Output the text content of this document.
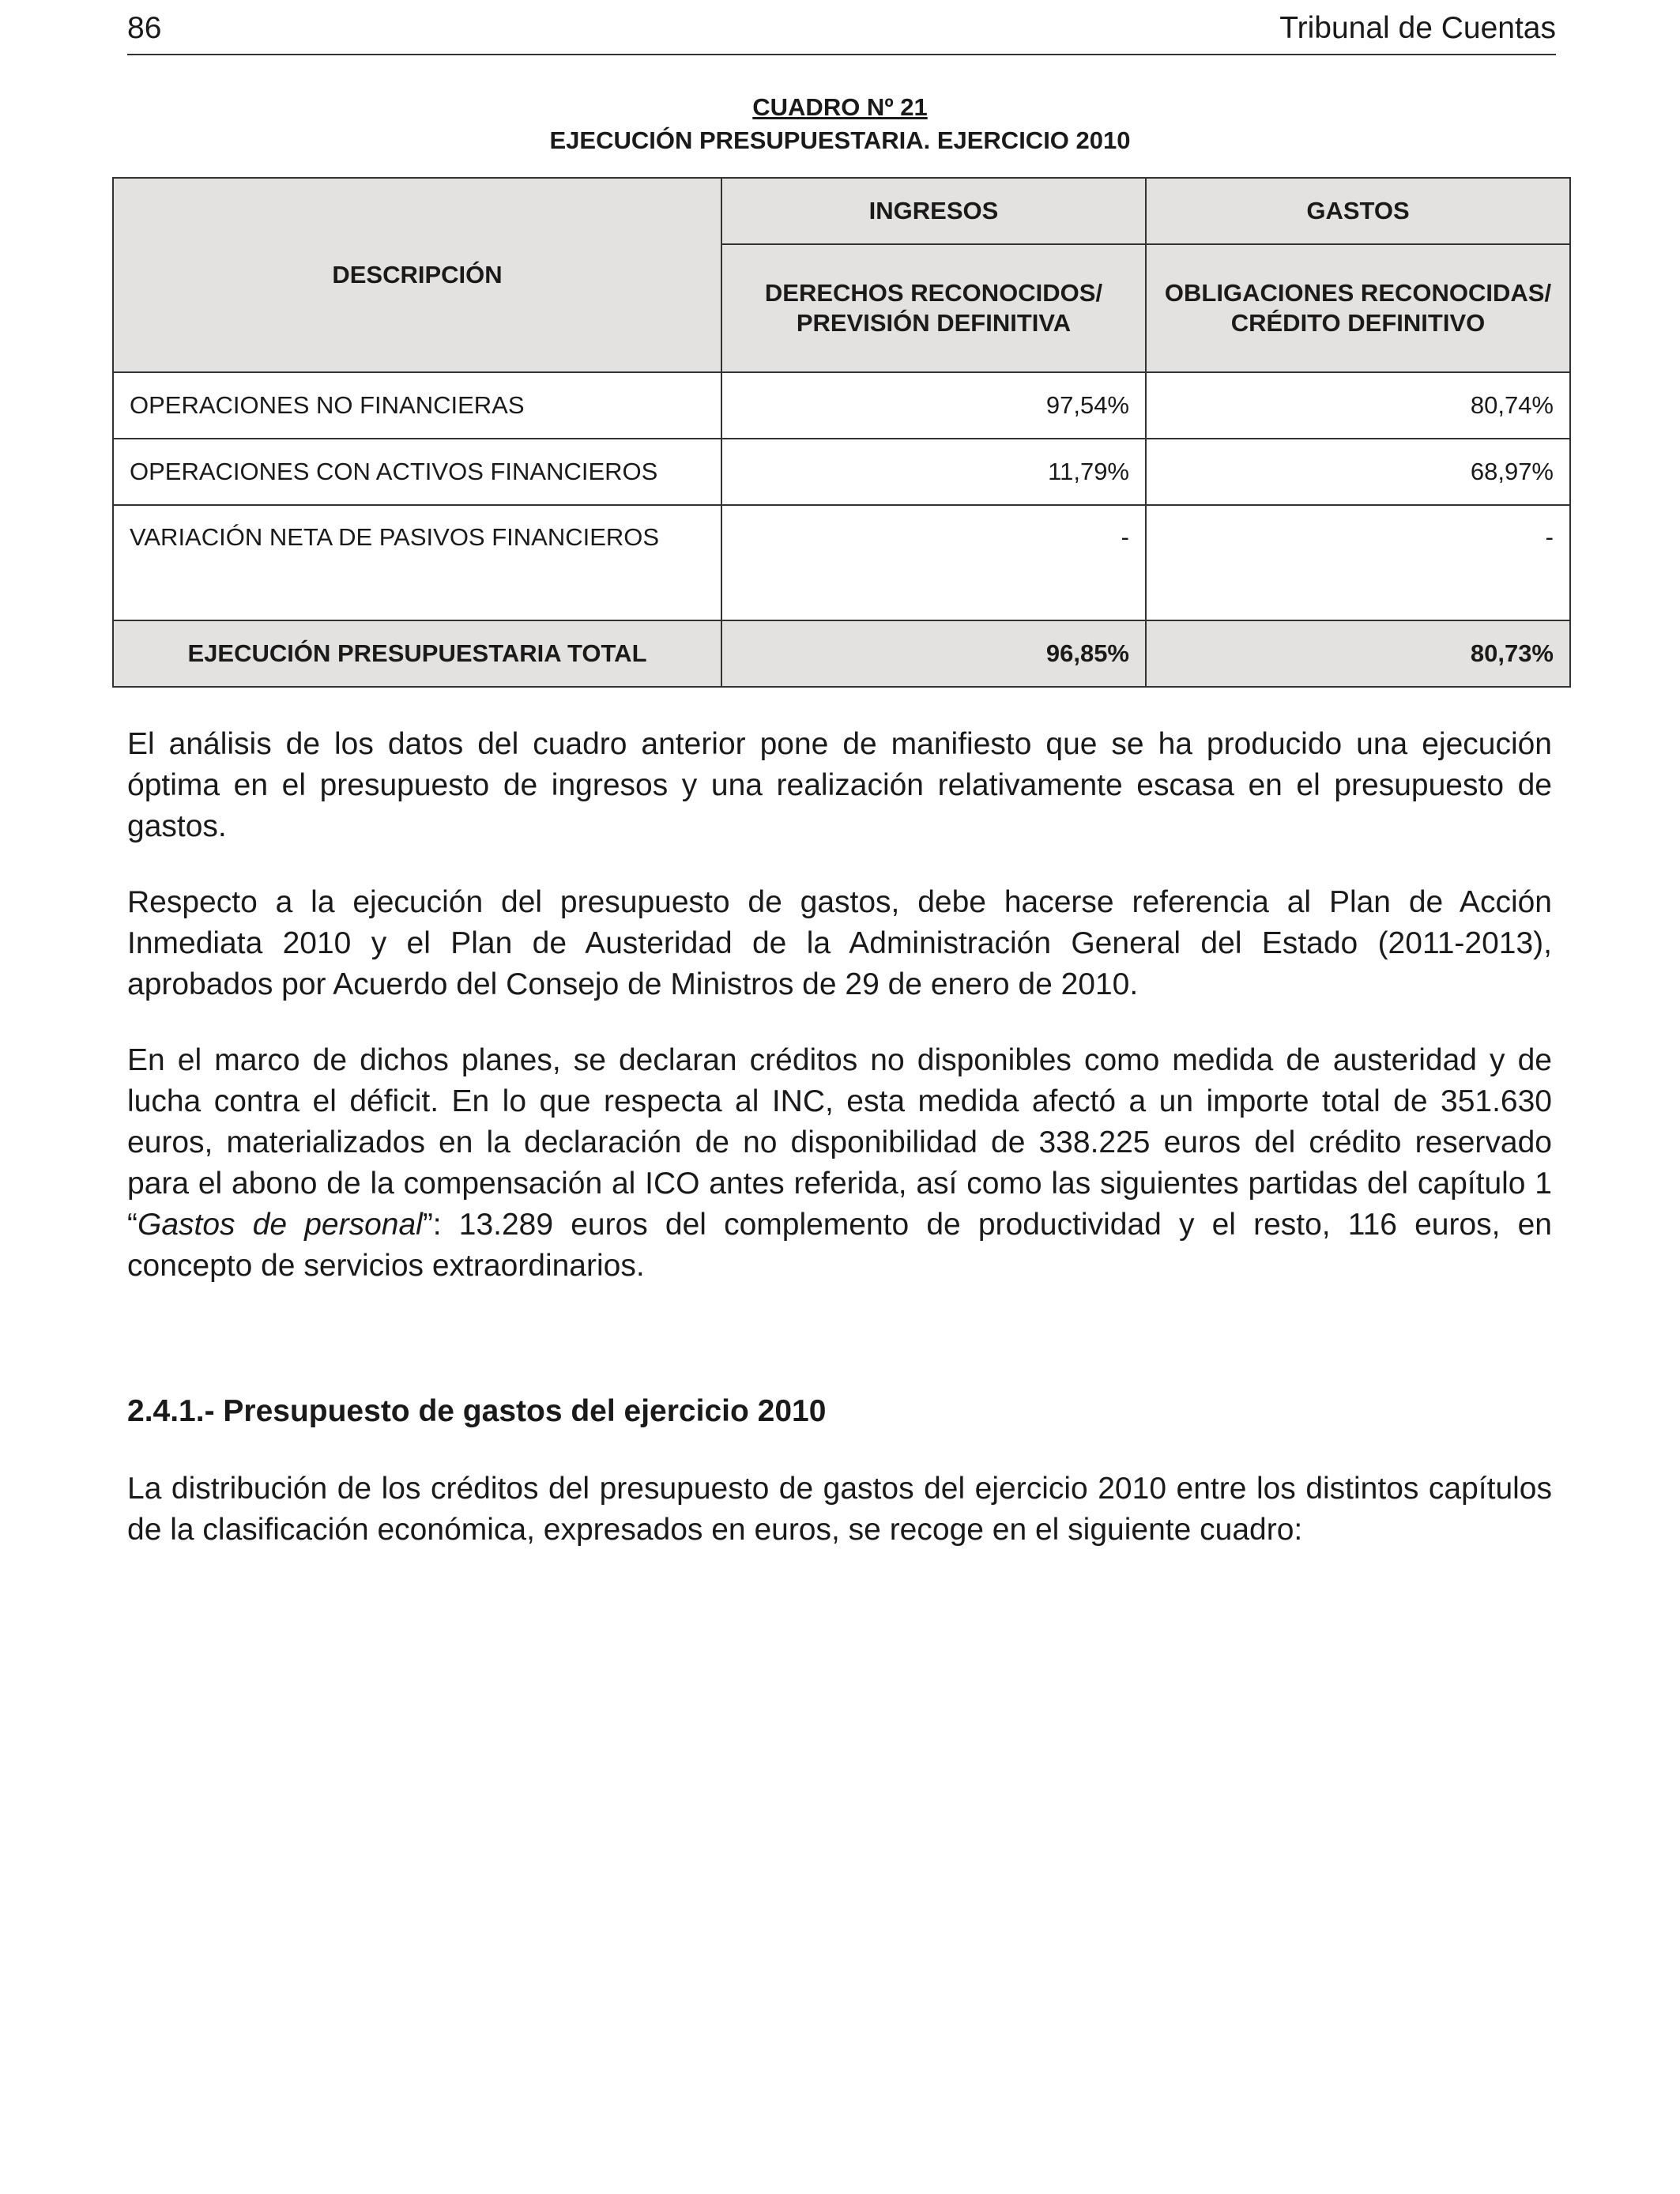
86	Tribunal de Cuentas
CUADRO Nº 21
EJECUCIÓN PRESUPUESTARIA. EJERCICIO 2010
DESCRIPCIÓN	INGRESOS	GASTOS
	DERECHOS RECONOCIDOS/ PREVISIÓN DEFINITIVA	OBLIGACIONES RECONOCIDAS/ CRÉDITO DEFINITIVO
OPERACIONES NO FINANCIERAS	97,54%	80,74%
OPERACIONES CON ACTIVOS FINANCIEROS	11,79%	68,97%
VARIACIÓN NETA DE PASIVOS FINANCIEROS	-	-
EJECUCIÓN PRESUPUESTARIA TOTAL	96,85%	80,73%

El análisis de los datos del cuadro anterior pone de manifiesto que se ha producido una ejecución óptima en el presupuesto de ingresos y una realización relativamente escasa en el presupuesto de gastos.

Respecto a la ejecución del presupuesto de gastos, debe hacerse referencia al Plan de Acción Inmediata 2010 y el Plan de Austeridad de la Administración General del Estado (2011-2013), aprobados por Acuerdo del Consejo de Ministros de 29 de enero de 2010.

En el marco de dichos planes, se declaran créditos no disponibles como medida de austeridad y de lucha contra el déficit. En lo que respecta al INC, esta medida afectó a un importe total de 351.630 euros, materializados en la declaración de no disponibilidad de 338.225 euros del crédito reservado para el abono de la compensación al ICO antes referida, así como las siguientes partidas del capítulo 1 “Gastos de personal”: 13.289 euros del complemento de productividad y el resto, 116 euros, en concepto de servicios extraordinarios.

2.4.1.- Presupuesto de gastos del ejercicio 2010

La distribución de los créditos del presupuesto de gastos del ejercicio 2010 entre los distintos capítulos de la clasificación económica, expresados en euros, se recoge en el siguiente cuadro:
